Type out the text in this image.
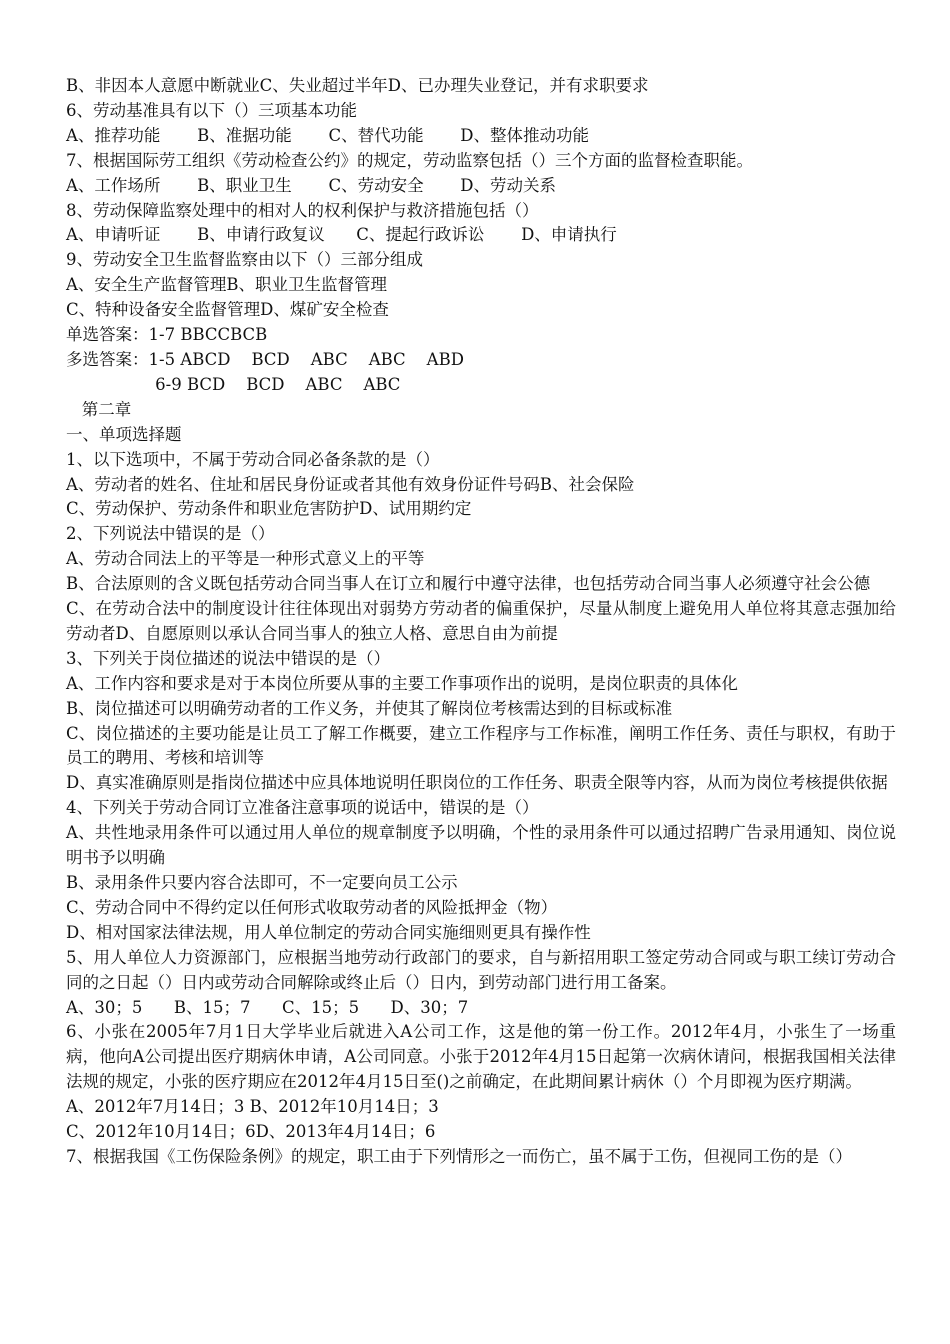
B、非因本人意愿中断就业C、失业超过半年D、已办理失业登记，并有求职要求
6、劳动基准具有以下（）三项基本功能
A、推荐功能       B、准据功能       C、替代功能       D、整体推动功能
7、根据国际劳工组织《劳动检查公约》的规定，劳动监察包括（）三个方面的监督检查职能。
A、工作场所       B、职业卫生       C、劳动安全       D、劳动关系
8、劳动保障监察处理中的相对人的权利保护与救济措施包括（）
A、申请听证       B、申请行政复议      C、提起行政诉讼       D、申请执行
9、劳动安全卫生监督监察由以下（）三部分组成
A、安全生产监督管理B、职业卫生监督管理
C、特种设备安全监督管理D、煤矿安全检查
单选答案：1-7 BBCCBCB
多选答案：1-5 ABCD    BCD    ABC    ABC    ABD
6-9 BCD    BCD    ABC    ABC
第二章
一、单项选择题
1、以下选项中，不属于劳动合同必备条款的是（）
A、劳动者的姓名、住址和居民身份证或者其他有效身份证件号码B、社会保险
C、劳动保护、劳动条件和职业危害防护D、试用期约定
2、下列说法中错误的是（）
A、劳动合同法上的平等是一种形式意义上的平等
B、合法原则的含义既包括劳动合同当事人在订立和履行中遵守法律，也包括劳动合同当事人必须遵守社会公德
C、在劳动合法中的制度设计往往体现出对弱势方劳动者的偏重保护，尽量从制度上避免用人单位将其意志强加给劳动者D、自愿原则以承认合同当事人的独立人格、意思自由为前提
3、下列关于岗位描述的说法中错误的是（）
A、工作内容和要求是对于本岗位所要从事的主要工作事项作出的说明，是岗位职责的具体化
B、岗位描述可以明确劳动者的工作义务，并使其了解岗位考核需达到的目标或标准
C、岗位描述的主要功能是让员工了解工作概要，建立工作程序与工作标准，阐明工作任务、责任与职权，有助于员工的聘用、考核和培训等
D、真实准确原则是指岗位描述中应具体地说明任职岗位的工作任务、职责全限等内容，从而为岗位考核提供依据
4、下列关于劳动合同订立准备注意事项的说话中，错误的是（）
A、共性地录用条件可以通过用人单位的规章制度予以明确，个性的录用条件可以通过招聘广告录用通知、岗位说明书予以明确
B、录用条件只要内容合法即可，不一定要向员工公示
C、劳动合同中不得约定以任何形式收取劳动者的风险抵押金（物）
D、相对国家法律法规，用人单位制定的劳动合同实施细则更具有操作性
5、用人单位人力资源部门，应根据当地劳动行政部门的要求，自与新招用职工签定劳动合同或与职工续订劳动合同的之日起（）日内或劳动合同解除或终止后（）日内，到劳动部门进行用工备案。
A、30；5      B、15；7      C、15；5      D、30；7
6、小张在2005年7月1日大学毕业后就进入A公司工作，这是他的第一份工作。2012年4月，小张生了一场重病，他向A公司提出医疗期病休申请，A公司同意。小张于2012年4月15日起第一次病休请问，根据我国相关法律法规的规定，小张的医疗期应在2012年4月15日至()之前确定，在此期间累计病休（）个月即视为医疗期满。
A、2012年7月14日；3 B、2012年10月14日；3
C、2012年10月14日；6D、2013年4月14日；6
7、根据我国《工伤保险条例》的规定，职工由于下列情形之一而伤亡，虽不属于工伤，但视同工伤的是（）
